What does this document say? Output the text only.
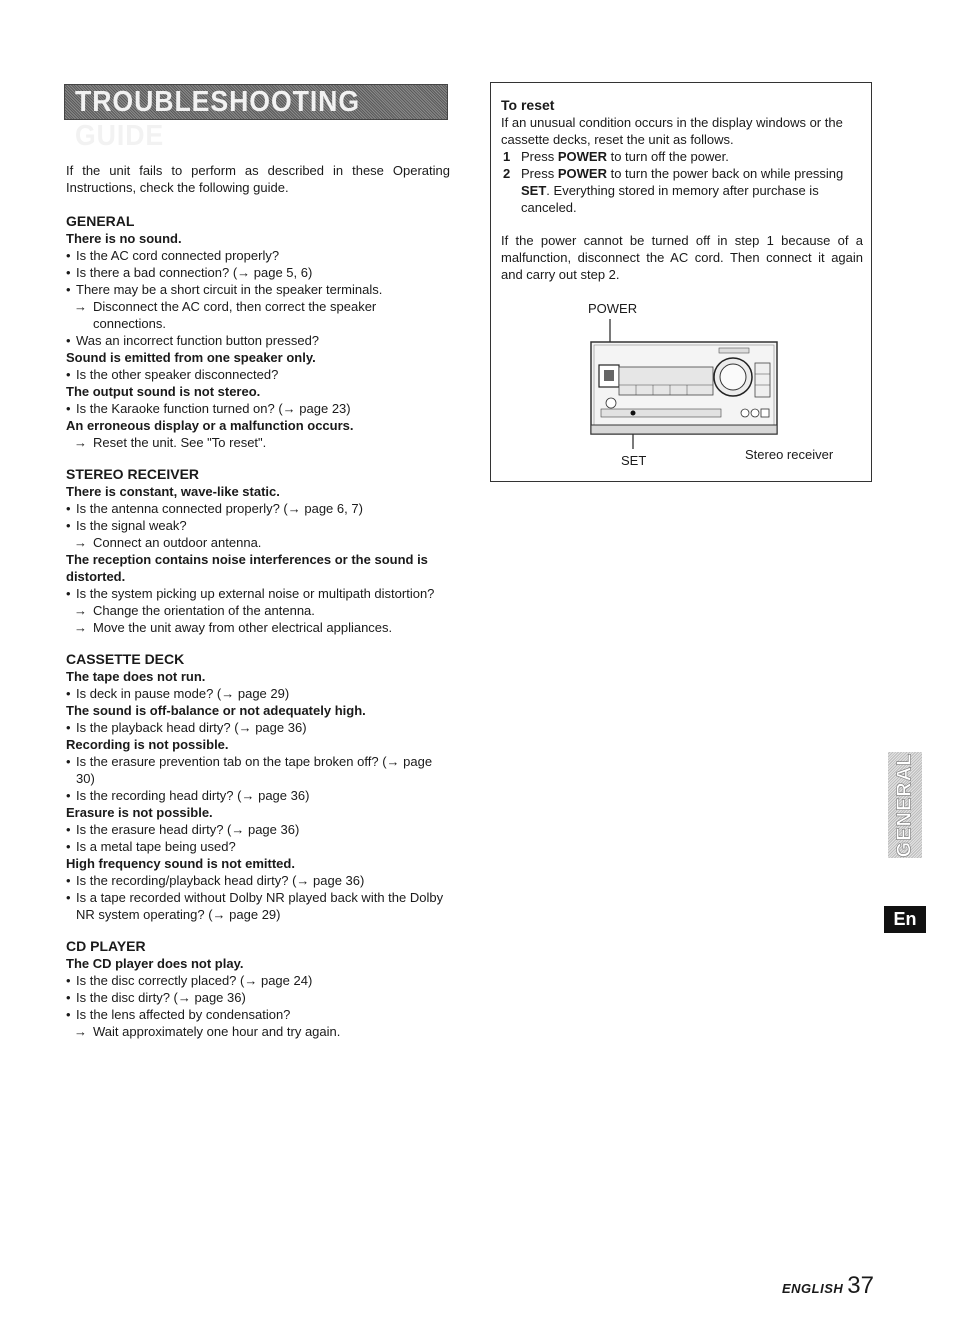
TROUBLESHOOTING GUIDE

If the unit fails to perform as described in these Operating Instructions, check the following guide.

GENERAL

There is no sound.

• Is the AC cord connected properly?

• Is there a bad connection? (→ page 5, 6)

• There may be a short circuit in the speaker terminals.

→ Disconnect the AC cord, then correct the speaker connections.

• Was an incorrect function button pressed?

Sound is emitted from one speaker only.

• Is the other speaker disconnected?

The output sound is not stereo.

• Is the Karaoke function turned on? (→ page 23)

An erroneous display or a malfunction occurs.

→ Reset the unit. See "To reset".

STEREO RECEIVER

There is constant, wave-like static.

• Is the antenna connected properly? (→ page 6, 7)

• Is the signal weak?

→ Connect an outdoor antenna.

The reception contains noise interferences or the sound is distorted.

• Is the system picking up external noise or multipath distortion?

→ Change the orientation of the antenna.

→ Move the unit away from other electrical appliances.

CASSETTE DECK

The tape does not run.

• Is deck in pause mode? (→ page 29)

The sound is off-balance or not adequately high.

• Is the playback head dirty? (→ page 36)

Recording is not possible.

• Is the erasure prevention tab on the tape broken off? (→ page 30)

• Is the recording head dirty? (→ page 36)

Erasure is not possible.

• Is the erasure head dirty? (→ page 36)

• Is a metal tape being used?

High frequency sound is not emitted.

• Is the recording/playback head dirty? (→ page 36)

• Is a tape recorded without Dolby NR played back with the Dolby NR system operating? (→ page 29)

CD PLAYER

The CD player does not play.

• Is the disc correctly placed? (→ page 24)

• Is the disc dirty? (→ page 36)

• Is the lens affected by condensation?

→ Wait approximately one hour and try again.

To reset

If an unusual condition occurs in the display windows or the cassette decks, reset the unit as follows.

1 Press POWER to turn off the power.

2 Press POWER to turn the power back on while pressing SET. Everything stored in memory after purchase is canceled.

If the power cannot be turned off in step 1 because of a malfunction, disconnect the AC cord. Then connect it again and carry out step 2.

POWER
SET	Stereo receiver
GENERAL
En
ENGLISH 37
